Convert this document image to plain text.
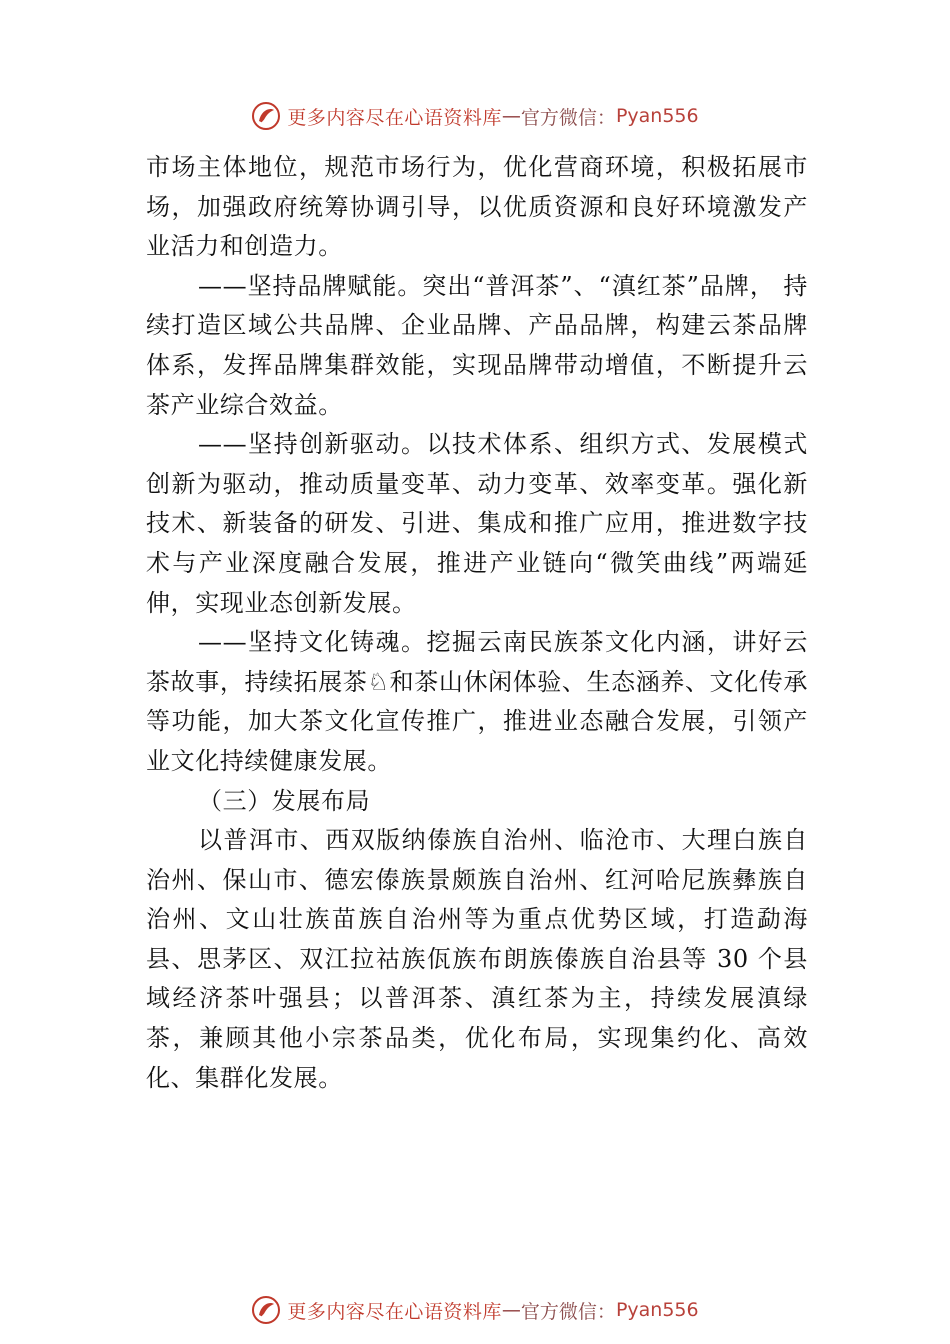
更多内容尽在心语资料库 — 官方微信： Pyan556

市场主体地位，规范市场行为，优化营商环境，积极拓展市场，加强政府统筹协调引导，以优质资源和良好环境激发产业活力和创造力。

——坚持品牌赋能。突出“普洱茶”、“滇红茶”品牌， 持续打造区域公共品牌、企业品牌、产品品牌，构建云茶品牌体系，发挥品牌集群效能，实现品牌带动增值，不断提升云茶产业综合效益。

——坚持创新驱动。以技术体系、组织方式、发展模式创新为驱动，推动质量变革、动力变革、效率变革。强化新技术、新装备的研发、引进、集成和推广应用，推进数字技术与产业深度融合发展，推进产业链向“微笑曲线”两端延伸，实现业态创新发展。

——坚持文化铸魂。挖掘云南民族茶文化内涵，讲好云茶故事，持续拓展茶♘和茶山休闲体验、生态涵养、文化传承等功能，加大茶文化宣传推广，推进业态融合发展，引领产业文化持续健康发展。

（三）发展布局

以普洱市、西双版纳傣族自治州、临沧市、大理白族自治州、保山市、德宏傣族景颇族自治州、红河哈尼族彝族自治州、文山壮族苗族自治州等为重点优势区域，打造勐海县、思茅区、双江拉祜族佤族布朗族傣族自治县等 30 个县域经济茶叶强县；以普洱茶、滇红茶为主，持续发展滇绿茶，兼顾其他小宗茶品类，优化布局，实现集约化、高效化、集群化发展。

更多内容尽在心语资料库 — 官方微信： Pyan556
